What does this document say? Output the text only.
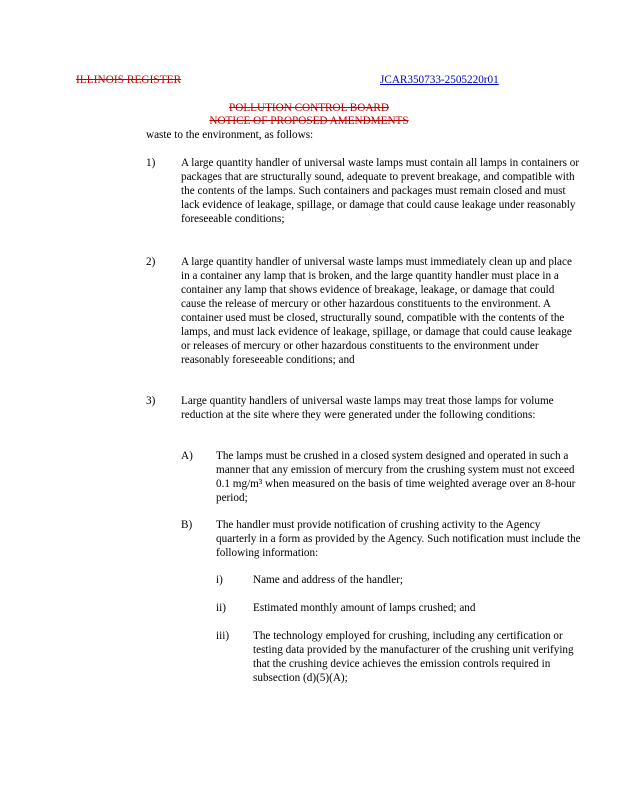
ILLINOIS REGISTER	JCAR350733-2505220r01
POLLUTION CONTROL BOARD
NOTICE OF PROPOSED AMENDMENTS
waste to the environment, as follows:
1) A large quantity handler of universal waste lamps must contain all lamps in containers or packages that are structurally sound, adequate to prevent breakage, and compatible with the contents of the lamps. Such containers and packages must remain closed and must lack evidence of leakage, spillage, or damage that could cause leakage under reasonably foreseeable conditions;
2) A large quantity handler of universal waste lamps must immediately clean up and place in a container any lamp that is broken, and the large quantity handler must place in a container any lamp that shows evidence of breakage, leakage, or damage that could cause the release of mercury or other hazardous constituents to the environment. A container used must be closed, structurally sound, compatible with the contents of the lamps, and must lack evidence of leakage, spillage, or damage that could cause leakage or releases of mercury or other hazardous constituents to the environment under reasonably foreseeable conditions; and
3) Large quantity handlers of universal waste lamps may treat those lamps for volume reduction at the site where they were generated under the following conditions:
A) The lamps must be crushed in a closed system designed and operated in such a manner that any emission of mercury from the crushing system must not exceed 0.1 mg/m³ when measured on the basis of time weighted average over an 8-hour period;
B) The handler must provide notification of crushing activity to the Agency quarterly in a form as provided by the Agency. Such notification must include the following information:
i)	Name and address of the handler;
ii) Estimated monthly amount of lamps crushed; and
iii) The technology employed for crushing, including any certification or testing data provided by the manufacturer of the crushing unit verifying that the crushing device achieves the emission controls required in subsection (d)(5)(A);
